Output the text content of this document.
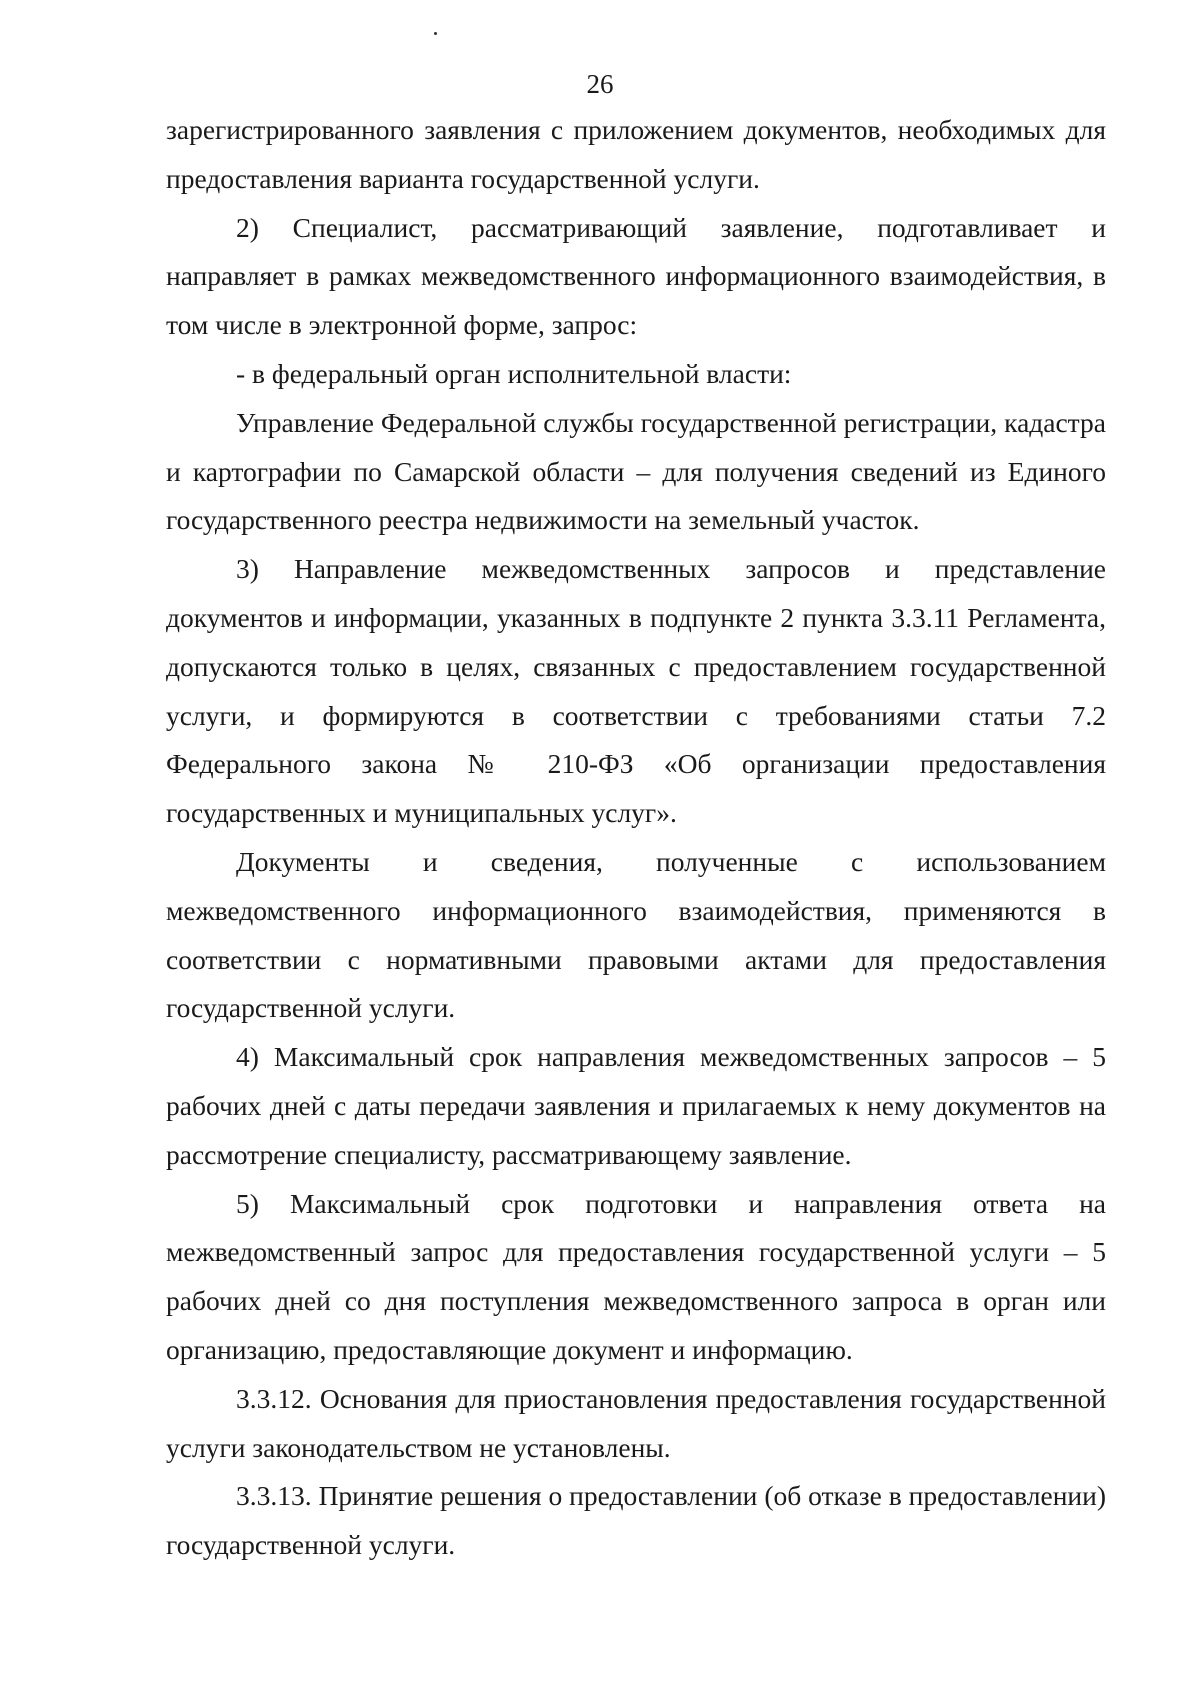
26

зарегистрированного заявления с приложением документов, необходимых для предоставления варианта государственной услуги.

2) Специалист, рассматривающий заявление, подготавливает и направляет в рамках межведомственного информационного взаимодействия, в том числе в электронной форме, запрос:

- в федеральный орган исполнительной власти:

Управление Федеральной службы государственной регистрации, кадастра и картографии по Самарской области – для получения сведений из Единого государственного реестра недвижимости на земельный участок.

3) Направление межведомственных запросов и представление документов и информации, указанных в подпункте 2 пункта 3.3.11 Регламента, допускаются только в целях, связанных с предоставлением государственной услуги, и формируются в соответствии с требованиями статьи 7.2 Федерального закона № 210-ФЗ «Об организации предоставления государственных и муниципальных услуг».

Документы и сведения, полученные с использованием межведомственного информационного взаимодействия, применяются в соответствии с нормативными правовыми актами для предоставления государственной услуги.

4) Максимальный срок направления межведомственных запросов – 5 рабочих дней с даты передачи заявления и прилагаемых к нему документов на рассмотрение специалисту, рассматривающему заявление.

5) Максимальный срок подготовки и направления ответа на межведомственный запрос для предоставления государственной услуги – 5 рабочих дней со дня поступления межведомственного запроса в орган или организацию, предоставляющие документ и информацию.

3.3.12. Основания для приостановления предоставления государственной услуги законодательством не установлены.

3.3.13. Принятие решения о предоставлении (об отказе в предоставлении) государственной услуги.
